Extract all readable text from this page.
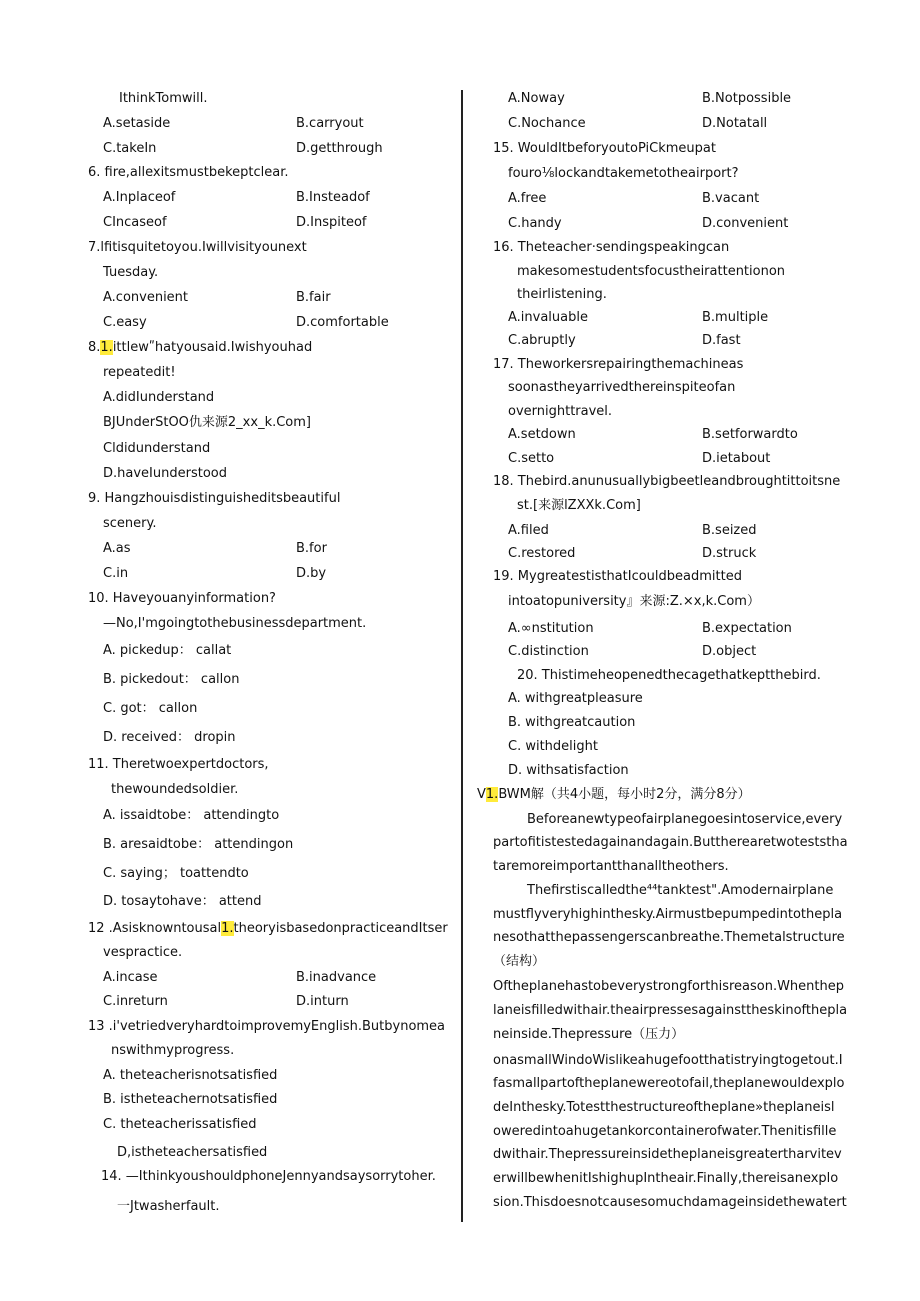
IthinkTomwill.
A.setaside	B.carryout
C.takeIn	D.getthrough
6. fire,allexitsmustbekeptclear.
A.Inplaceof	B.Insteadof
CIncaseof	D.Inspiteof
7.lfitisquitetoyou.Iwillvisityounext
Tuesday.
A.convenient	B.fair
C.easy	D.comfortable
8.1.ittlewʺhatyousaid.Iwishyouhad
repeatedit!
A.didIunderstand
BJUnderStOO仇来源2_xx_k.Com]
Cldidunderstand
D.haveIunderstood
9. Hangzhouisdistinguisheditsbeautiful
scenery.
A.as	B.for
C.in	D.by
10. Haveyouanyinformation?
—No,I'mgoingtothebusinessdepartment.
A. pickedup： callat
B. pickedout： callon
C. got： callon
D. received： dropin
11. Theretwoexpertdoctors,
thewoundedsoldier.
A. issaidtobe： attendingto
B. aresaidtobe： attendingon
C. saying； toattendto
D. tosaytohave： attend
12 .Asisknowntousal1.theoryisbasedonpracticeandItser
vespractice.
A.incase	B.inadvance
C.inreturn	D.inturn
13 .i'vetriedveryhardtoimprovemyEnglish.Butbynomea
nswithmyprogress.
A. theteacherisnotsatisfied
B. istheteachernotsatisfied
C. theteacherissatisfied
D,istheteachersatisfied
14. —IthinkyoushouldphoneJennyandsaysorrytoher.
一Jtwasherfault.
A.Noway	B.Notpossible
C.Nochance	D.Notatall
15. WouldItbeforyoutoPiCkmeupat
fouro⅛lockandtakemetotheairport?
A.free	B.vacant
C.handy	D.convenient
16. Theteacher·sendingspeakingcan
makesomestudentsfocustheirattentionon
theirlistening.
A.invaluable	B.multiple
C.abruptly	D.fast
17. Theworkersrepairingthemachineas
soonastheyarrivedthereinspiteofan
overnighttravel.
A.setdown	B.setforwardto
C.setto	D.ietabout
18. Thebird.anunusuallybigbeetleandbroughtittoitsne
st.[来源lZXXk.Com]
A.filed	B.seized
C.restored	D.struck
19. MygreatestisthatIcouldbeadmitted
intoatopuniversity』来源:Z.×x,k.Com）
A.∞nstitution	B.expectation
C.distinction	D.object
20. Thistimeheopenedthecagethatkeptthebird.
A. withgreatpleasure
B. withgreatcaution
C. withdelight
D. withsatisfaction
V1.BWM解（共4小题，每小时2分，满分8分）
Beforeanewtypeofairplanegoesintoservice,every
partofitistestedagainandagain.Buttherearetwoteststha
taremoreimportantthanalltheothers.
Thefirstiscalledthe⁴⁴tanktest".Amodernairplane
mustflyveryhighinthesky.Airmustbepumpedintothepla
nesothatthepassengerscanbreathe.Themetalstructure
（结构）
Oftheplanehastobeverystrongforthisreason.Whenthep
laneisfilledwithair.theairpressesagainsttheskinofthepla
neinside.Thepressure（压力）
onasmallWindoWislikeahugefootthatistryingtogetout.I
fasmallpartoftheplanewereotofail,theplanewouldexplo
deInthesky.Totestthestructureoftheplane»theplaneisl
oweredintoahugetankorcontainerofwater.Thenitisfille
dwithair.Thepressureinsidetheplaneisgreatertharvitev
erwillbewhenitIshighupIntheair.Finally,thereisanexplo
sion.Thisdoesnotcausesomuchdamageinsidethewatert
